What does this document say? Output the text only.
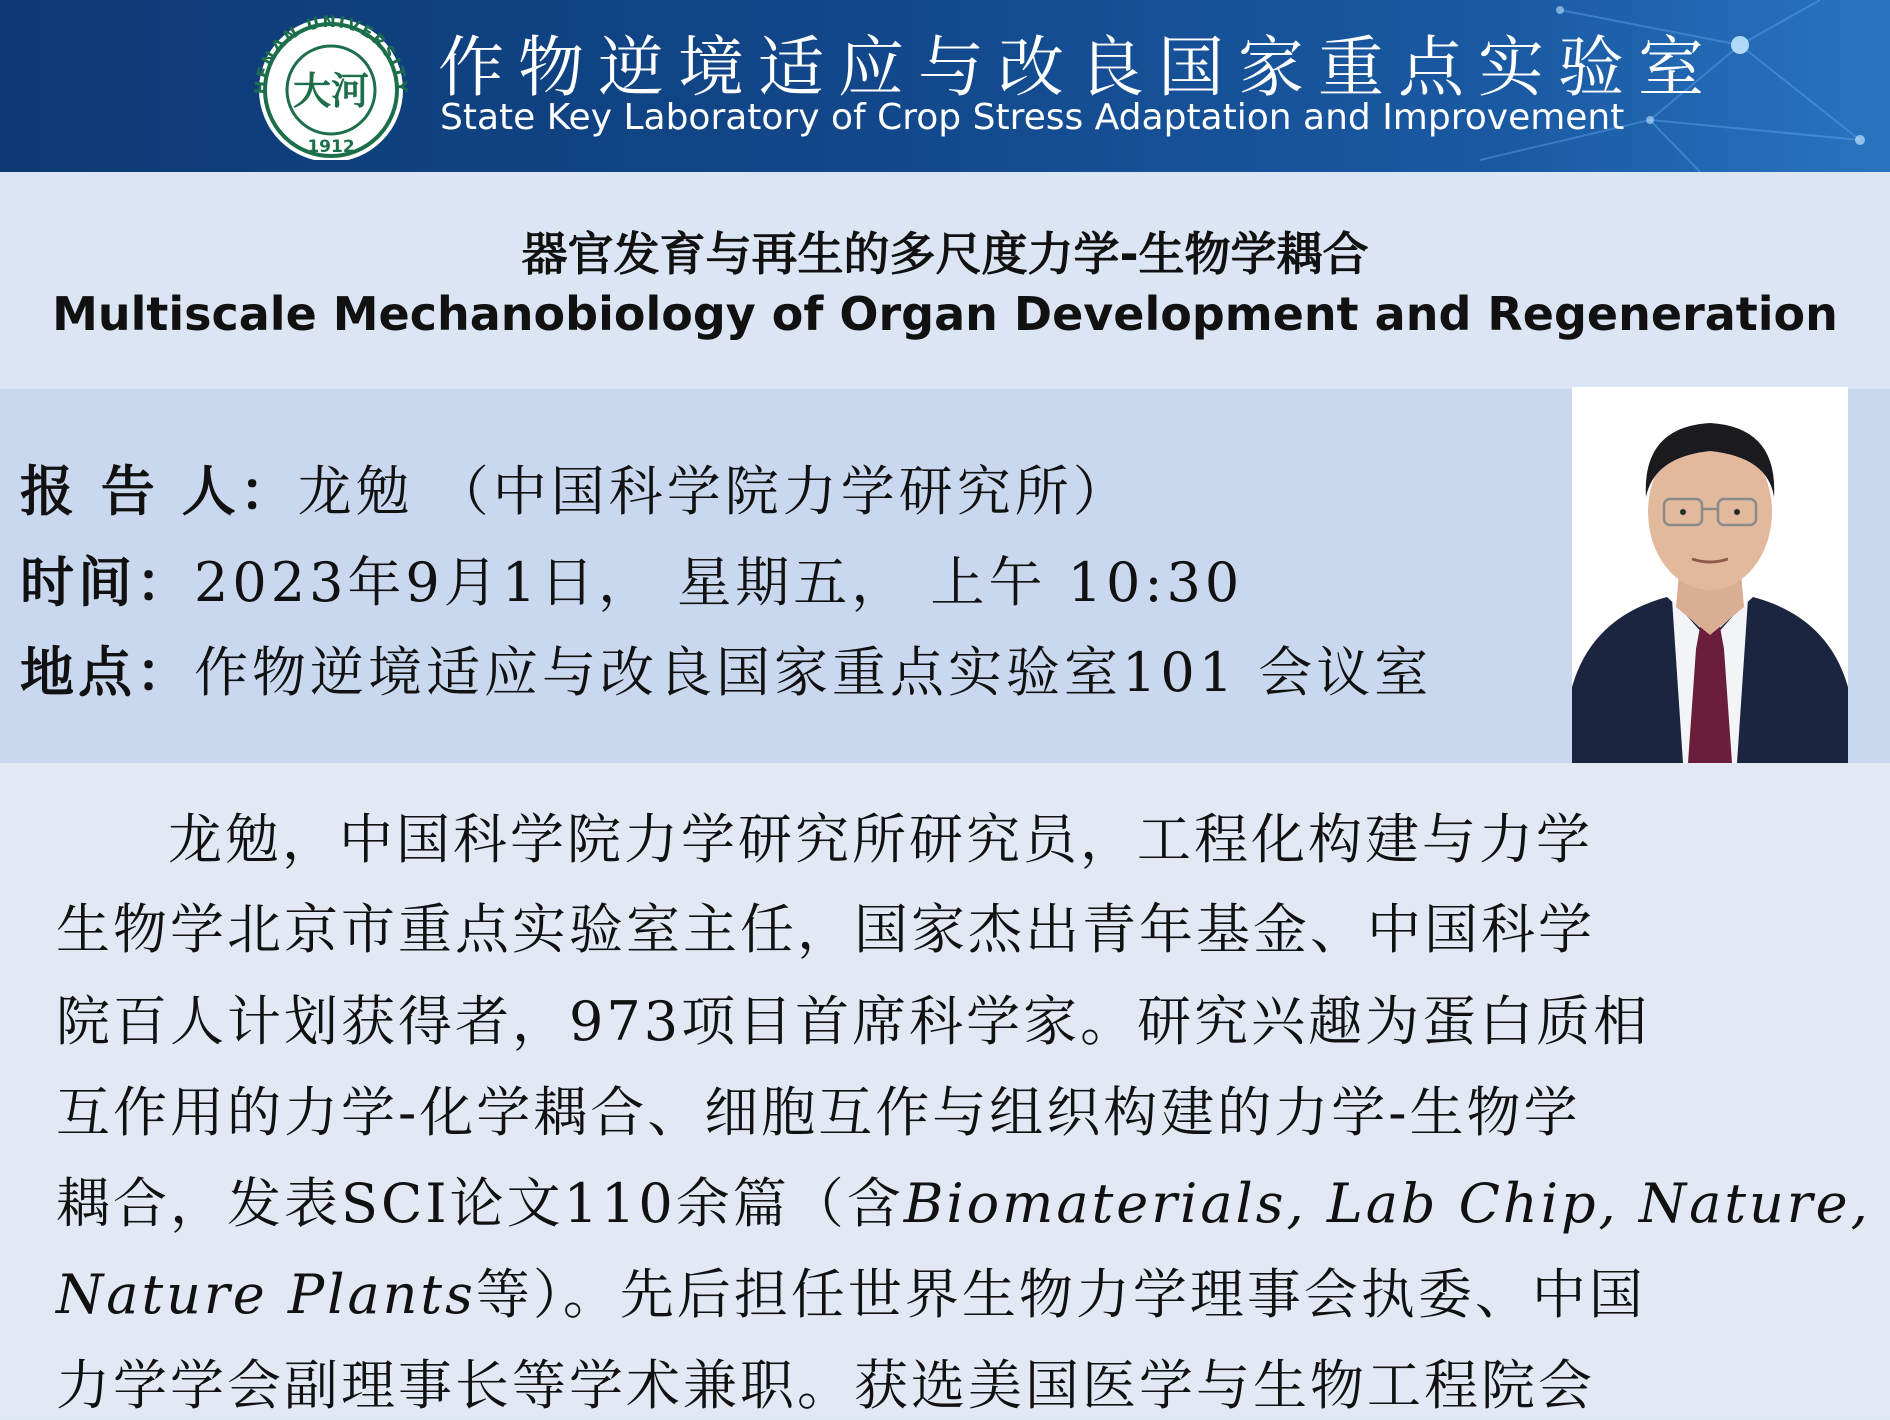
HENAN UNIVERSITY
大河
1912
作物逆境适应与改良国家重点实验室
State Key Laboratory of Crop Stress Adaptation and Improvement
器官发育与再生的多尺度力学-生物学耦合
Multiscale Mechanobiology of Organ Development and Regeneration
报 告 人：龙勉 （中国科学院力学研究所）
时间：2023年9月1日， 星期五， 上午 10:30
地点：作物逆境适应与改良国家重点实验室101 会议室
龙勉，中国科学院力学研究所研究员，工程化构建与力学
生物学北京市重点实验室主任，国家杰出青年基金、中国科学
院百人计划获得者，973项目首席科学家。研究兴趣为蛋白质相
互作用的力学-化学耦合、细胞互作与组织构建的力学-生物学
耦合，发表SCI论文110余篇（含Biomaterials, Lab Chip, Nature,
Nature Plants等）。先后担任世界生物力学理事会执委、中国
力学学会副理事长等学术兼职。获选美国医学与生物工程院会
